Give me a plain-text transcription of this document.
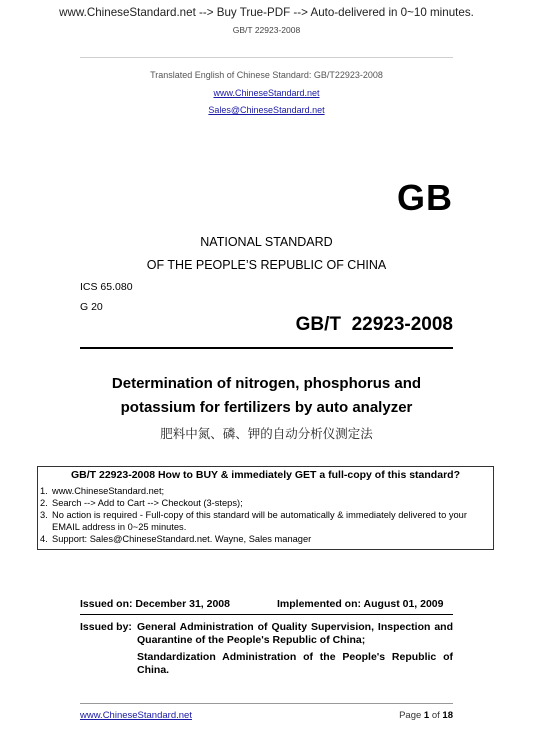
www.ChineseStandard.net --> Buy True-PDF --> Auto-delivered in 0~10 minutes.
GB/T 22923-2008
Translated English of Chinese Standard: GB/T22923-2008
www.ChineseStandard.net
Sales@ChineseStandard.net
GB
NATIONAL STANDARD
OF THE PEOPLE’S REPUBLIC OF CHINA
ICS 65.080
G 20
GB/T  22923-2008
Determination of nitrogen, phosphorus and
potassium for fertilizers by auto analyzer
肥料中氮、磷、钾的自动分析仪测定法
GB/T 22923-2008 How to BUY & immediately GET a full-copy of this standard?
1. www.ChineseStandard.net;
2. Search --> Add to Cart --> Checkout (3-steps);
3. No action is required - Full-copy of this standard will be automatically & immediately delivered to your EMAIL address in 0~25 minutes.
4. Support: Sales@ChineseStandard.net. Wayne, Sales manager
Issued on: December 31, 2008	Implemented on: August 01, 2009
Issued by: General Administration of Quality Supervision, Inspection and Quarantine of the People's Republic of China;
Standardization Administration of the People's Republic of China.
www.ChineseStandard.net	Page 1 of 18
